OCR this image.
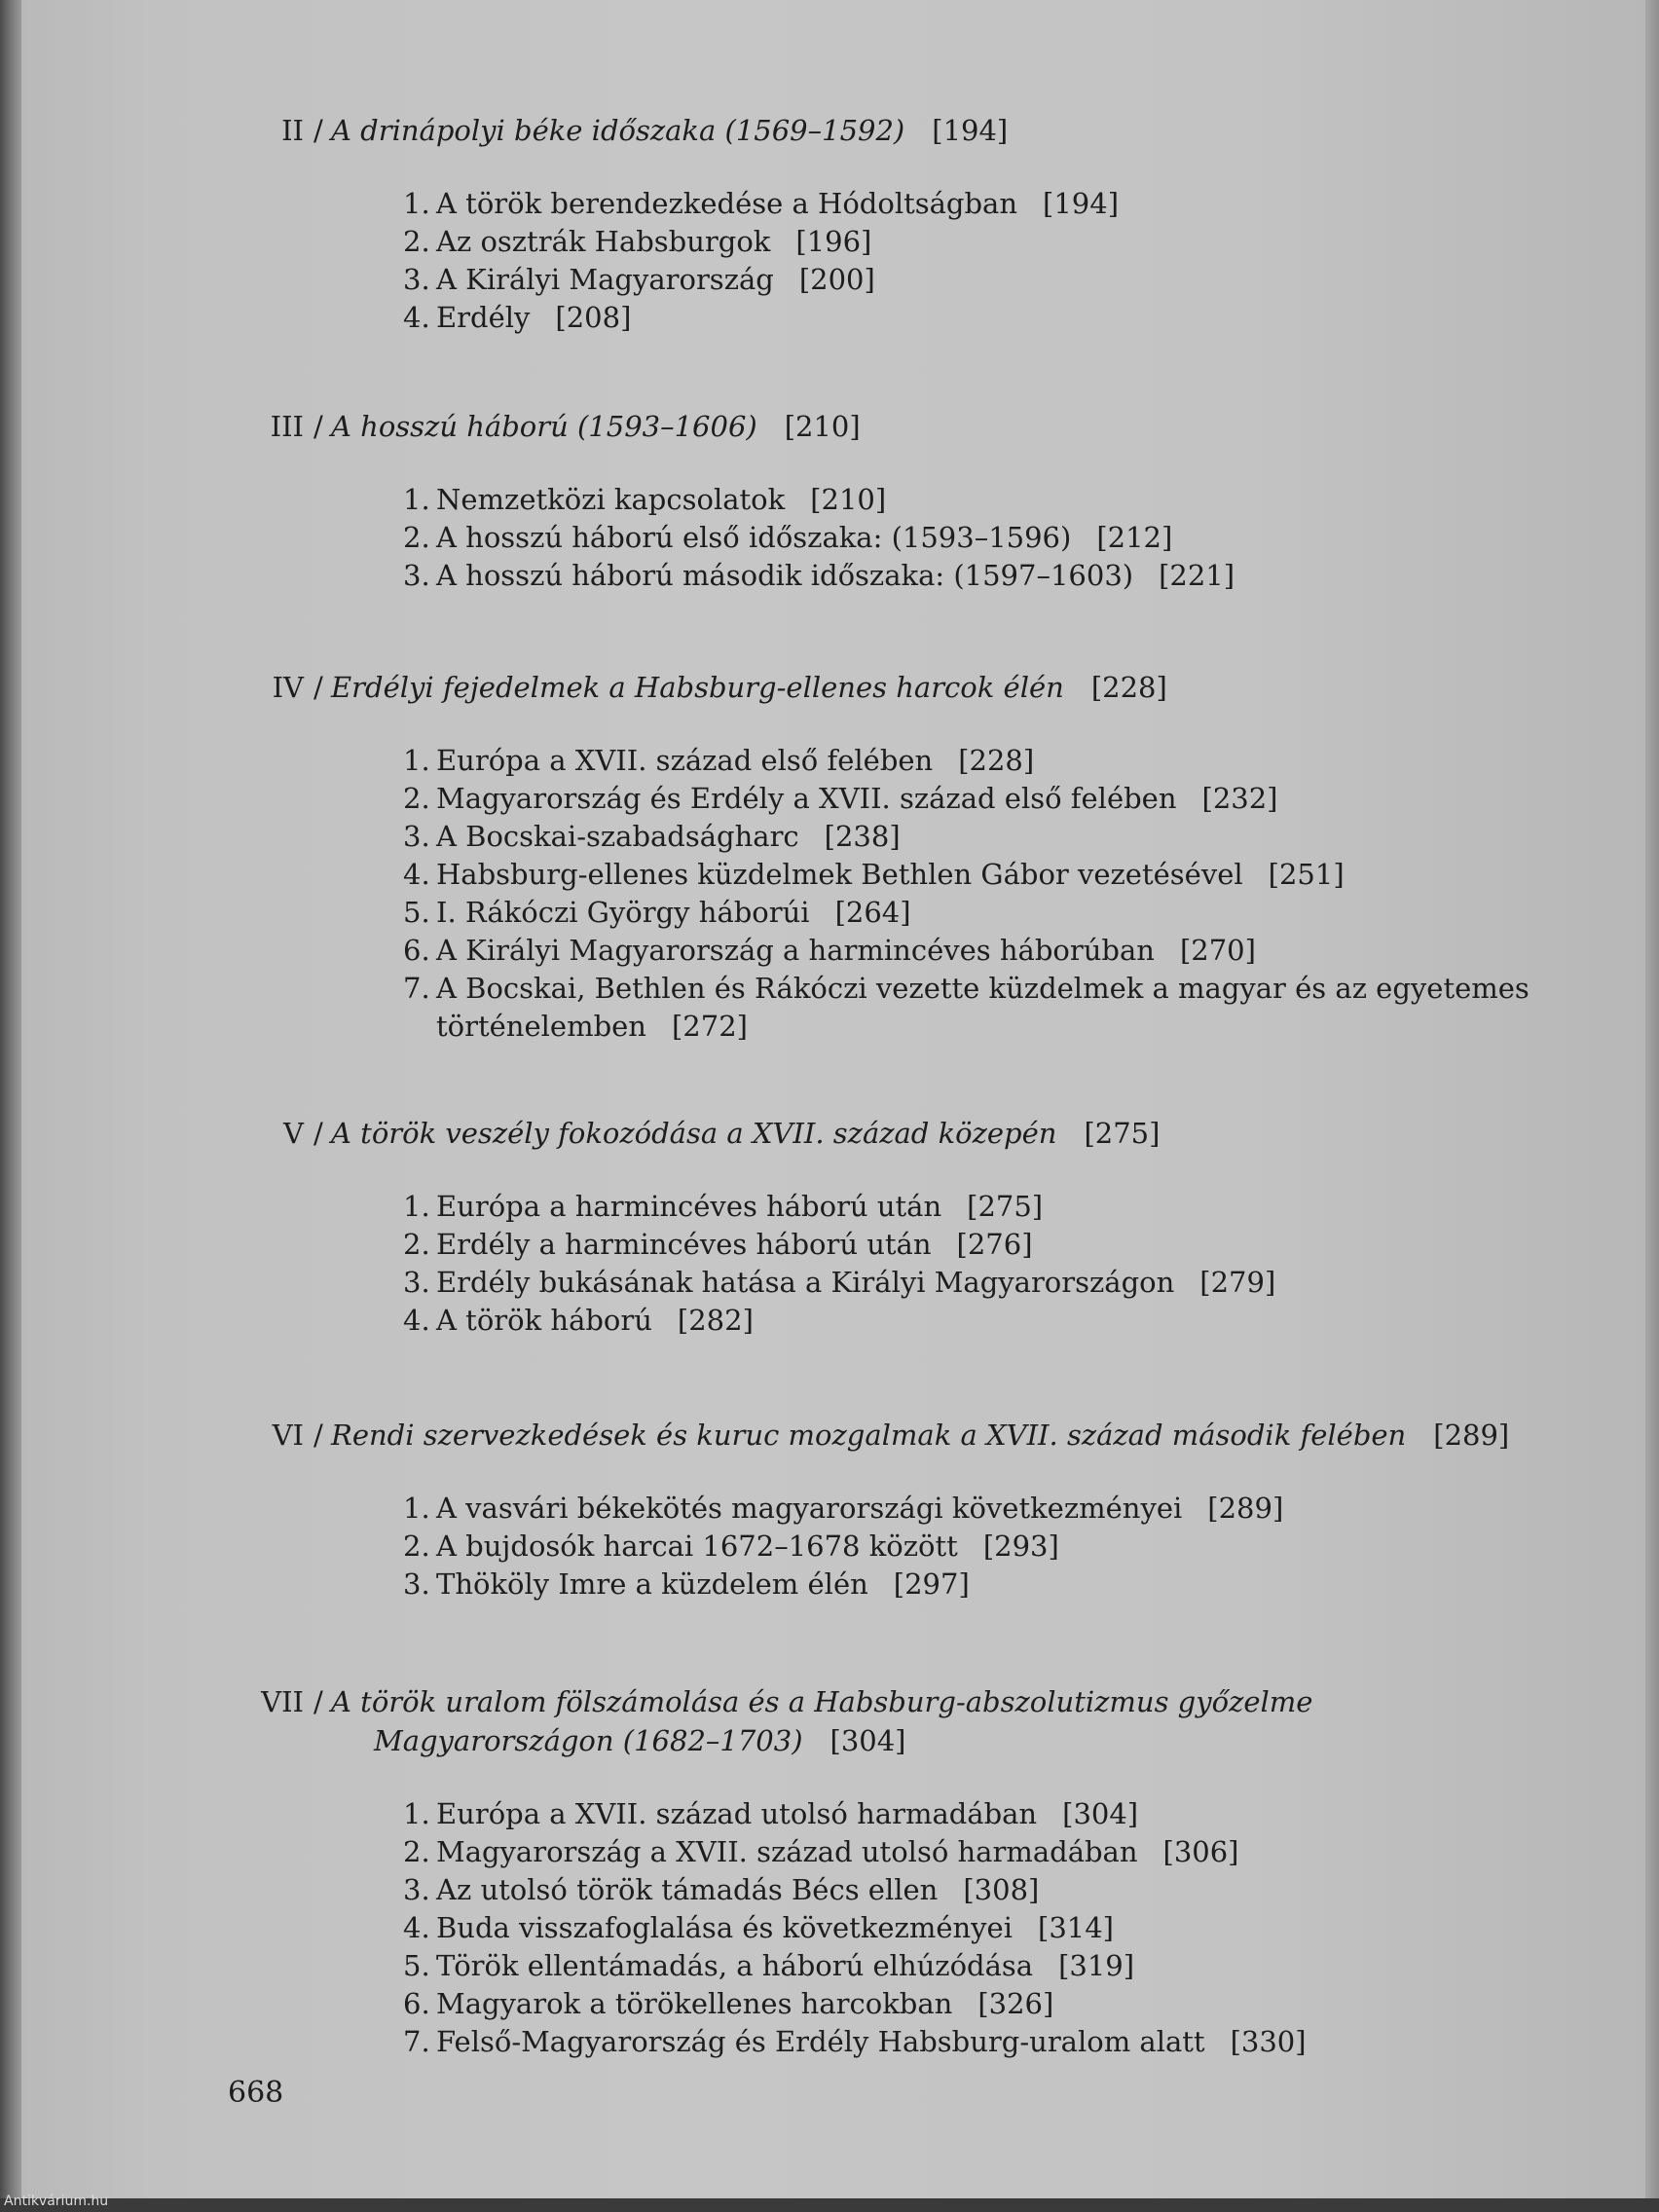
II / A drinápolyi béke időszaka (1569–1592) [194]
1. A török berendezkedése a Hódoltságban [194]
2. Az osztrák Habsburgok [196]
3. A Királyi Magyarország [200]
4. Erdély [208]
III / A hosszú háború (1593–1606) [210]
1. Nemzetközi kapcsolatok [210]
2. A hosszú háború első időszaka: (1593–1596) [212]
3. A hosszú háború második időszaka: (1597–1603) [221]
IV / Erdélyi fejedelmek a Habsburg-ellenes harcok élén [228]
1. Európa a XVII. század első felében [228]
2. Magyarország és Erdély a XVII. század első felében [232]
3. A Bocskai-szabadságharc [238]
4. Habsburg-ellenes küzdelmek Bethlen Gábor vezetésével [251]
5. I. Rákóczi György háborúi [264]
6. A Királyi Magyarország a harmincéves háborúban [270]
7. A Bocskai, Bethlen és Rákóczi vezette küzdelmek a magyar és az egyetemes
történelemben [272]
V / A török veszély fokozódása a XVII. század közepén [275]
1. Európa a harmincéves háború után [275]
2. Erdély a harmincéves háború után [276]
3. Erdély bukásának hatása a Királyi Magyarországon [279]
4. A török háború [282]
VI / Rendi szervezkedések és kuruc mozgalmak a XVII. század második felében [289]
1. A vasvári békekötés magyarországi következményei [289]
2. A bujdosók harcai 1672–1678 között [293]
3. Thököly Imre a küzdelem élén [297]
VII / A török uralom fölszámolása és a Habsburg-abszolutizmus győzelme
Magyarországon (1682–1703) [304]
1. Európa a XVII. század utolsó harmadában [304]
2. Magyarország a XVII. század utolsó harmadában [306]
3. Az utolsó török támadás Bécs ellen [308]
4. Buda visszafoglalása és következményei [314]
5. Török ellentámadás, a háború elhúzódása [319]
6. Magyarok a törökellenes harcokban [326]
7. Felső-Magyarország és Erdély Habsburg-uralom alatt [330]
668
Antikvárium.hu
